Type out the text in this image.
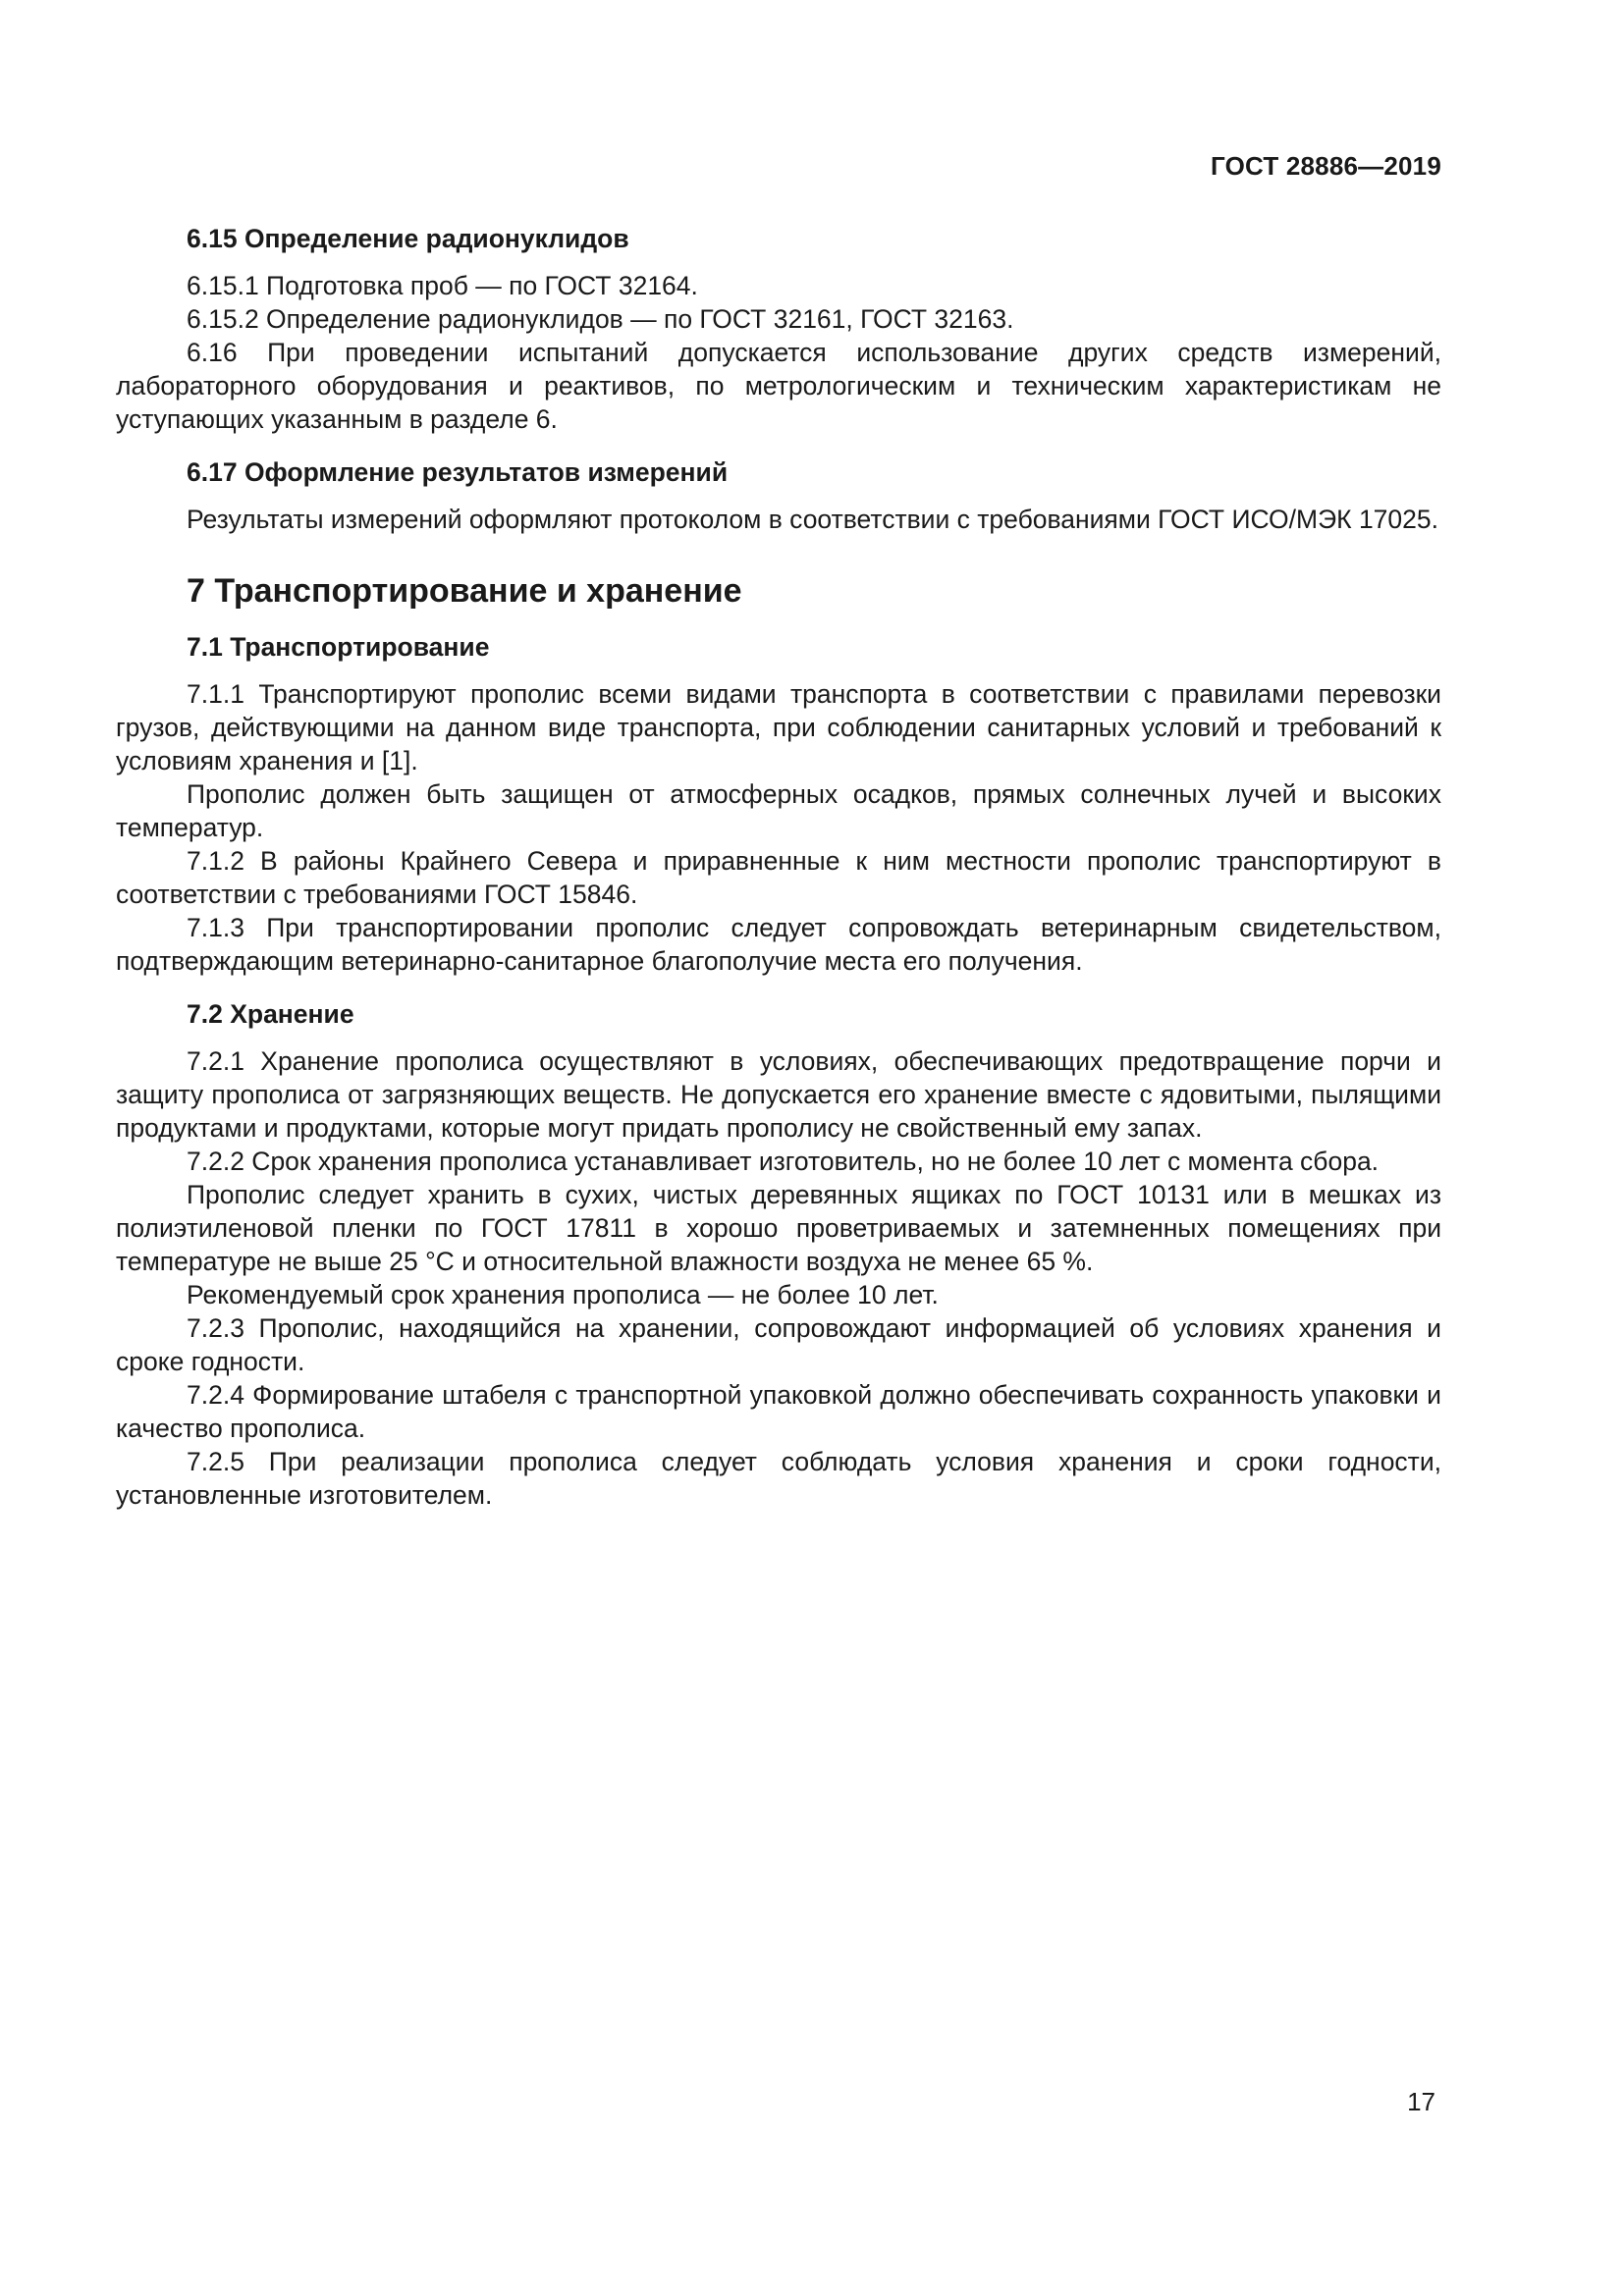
ГОСТ 28886—2019
6.15 Определение радионуклидов
6.15.1 Подготовка проб — по ГОСТ 32164.
6.15.2 Определение радионуклидов — по ГОСТ 32161, ГОСТ 32163.
6.16 При проведении испытаний допускается использование других средств измерений, лабораторного оборудования и реактивов, по метрологическим и техническим характеристикам не уступающих указанным в разделе 6.
6.17 Оформление результатов измерений
Результаты измерений оформляют протоколом в соответствии с требованиями ГОСТ ИСО/МЭК 17025.
7 Транспортирование и хранение
7.1 Транспортирование
7.1.1 Транспортируют прополис всеми видами транспорта в соответствии с правилами перевозки грузов, действующими на данном виде транспорта, при соблюдении санитарных условий и требований к условиям хранения и [1].
Прополис должен быть защищен от атмосферных осадков, прямых солнечных лучей и высоких температур.
7.1.2 В районы Крайнего Севера и приравненные к ним местности прополис транспортируют в соответствии с требованиями ГОСТ 15846.
7.1.3 При транспортировании прополис следует сопровождать ветеринарным свидетельством, подтверждающим ветеринарно-санитарное благополучие места его получения.
7.2 Хранение
7.2.1 Хранение прополиса осуществляют в условиях, обеспечивающих предотвращение порчи и защиту прополиса от загрязняющих веществ. Не допускается его хранение вместе с ядовитыми, пылящими продуктами и продуктами, которые могут придать прополису не свойственный ему запах.
7.2.2 Срок хранения прополиса устанавливает изготовитель, но не более 10 лет с момента сбора.
Прополис следует хранить в сухих, чистых деревянных ящиках по ГОСТ 10131 или в мешках из полиэтиленовой пленки по ГОСТ 17811 в хорошо проветриваемых и затемненных помещениях при температуре не выше 25 °С и относительной влажности воздуха не менее 65 %.
Рекомендуемый срок хранения прополиса — не более 10 лет.
7.2.3 Прополис, находящийся на хранении, сопровождают информацией об условиях хранения и сроке годности.
7.2.4 Формирование штабеля с транспортной упаковкой должно обеспечивать сохранность упаковки и качество прополиса.
7.2.5 При реализации прополиса следует соблюдать условия хранения и сроки годности, установленные изготовителем.
17
